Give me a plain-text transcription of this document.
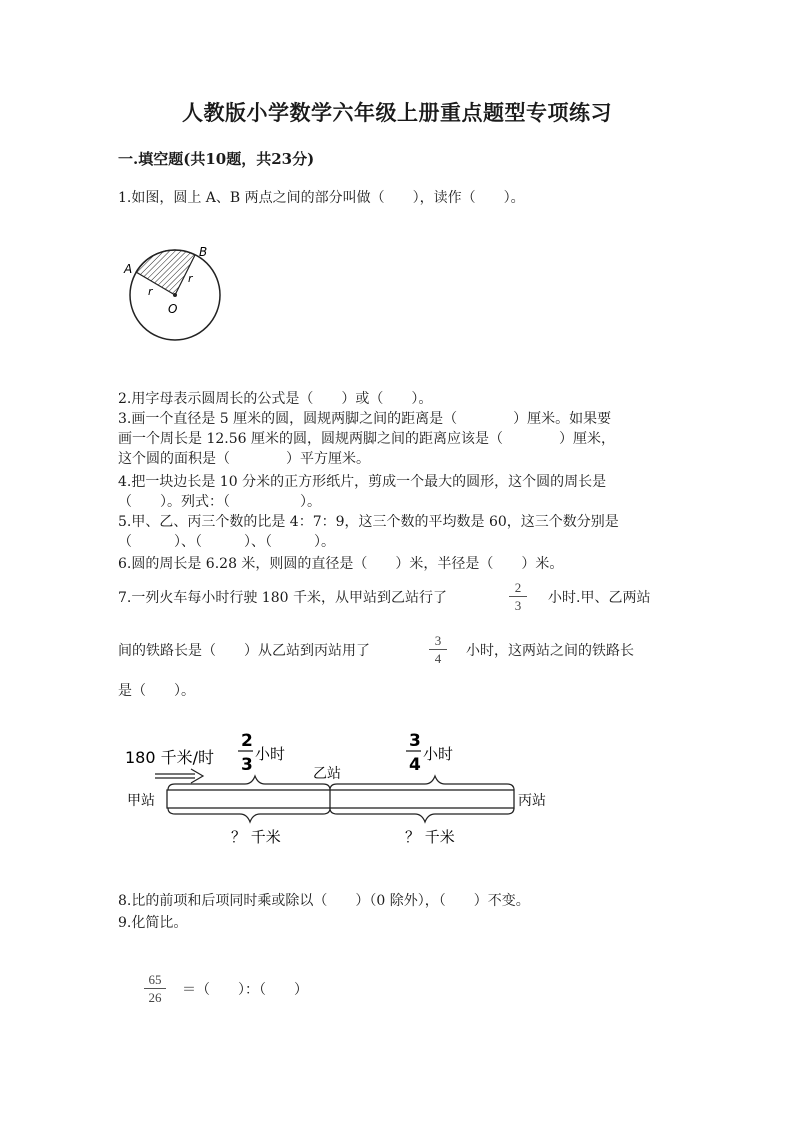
人教版小学数学六年级上册重点题型专项练习
一.填空题(共10题，共23分)
1.如图，圆上 A、B 两点之间的部分叫做（　　），读作（　　）。
A
B
O
r
r
2.用字母表示圆周长的公式是（　　）或（　　）。
3.画一个直径是 5 厘米的圆，圆规两脚之间的距离是（　　　　）厘米。如果要
画一个周长是 12.56 厘米的圆，圆规两脚之间的距离应该是（　　　　）厘米，
这个圆的面积是（　　　　）平方厘米。
4.把一块边长是 10 分米的正方形纸片，剪成一个最大的圆形，这个圆的周长是
（　　）。列式：（　　　　　）。
5.甲、乙、丙三个数的比是 4：7：9，这三个数的平均数是 60，这三个数分别是
（　　　）、（　　　）、（　　　）。
6.圆的周长是 6.28 米，则圆的直径是（　　）米，半径是（　　）米。
7.一列火车每小时行驶 180 千米，从甲站到乙站行了
2
3	小时.甲、乙两站
间的铁路长是（　　）从乙站到丙站用了
3
4	小时，这两站之间的铁路长
是（　　）。
180 千米/时
2
3
小时
3
4
小时
乙站
甲站	丙站
？ 千米	？ 千米
8.比的前项和后项同时乘或除以（　　）（0 除外），（　　）不变。
9.化简比。
65
26	＝（　　）：（　　）
